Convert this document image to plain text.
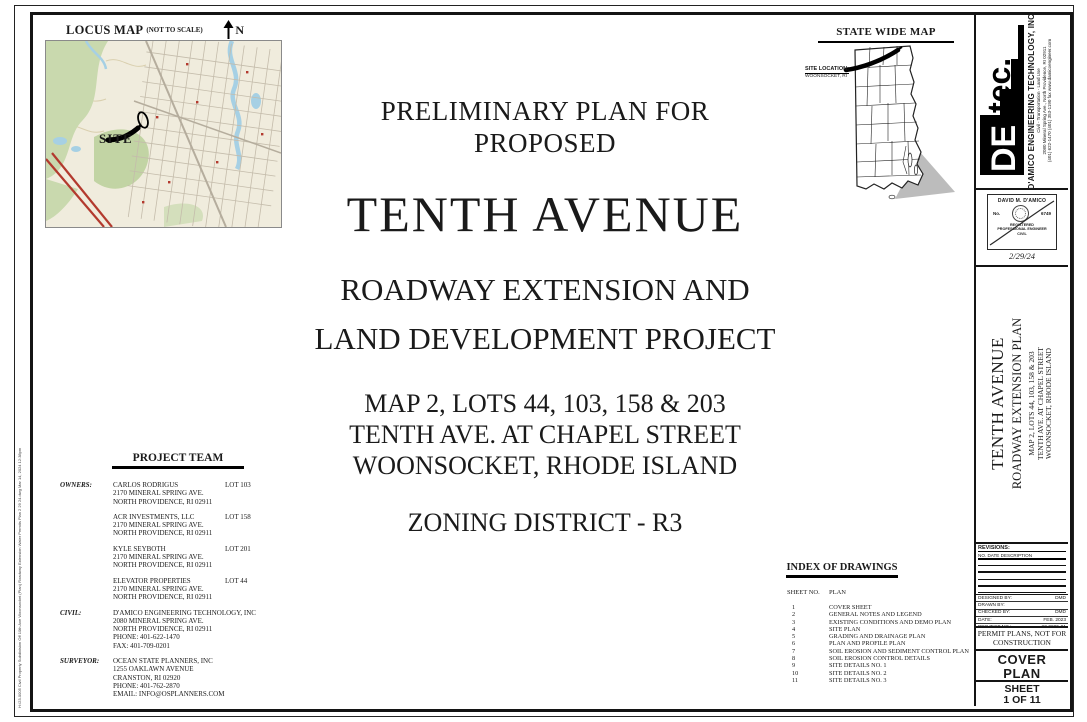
H:\23-0005 Civil Property Subdivision Off 10th Ave Woonsocket (Plan) Roadway Extension Water Permits Plan 2 29 24.dwg Mar 14, 2024 12:38pm
LOCUS MAP (NOT TO SCALE)	N
SITE
PRELIMINARY PLAN FOR
PROPOSED
TENTH AVENUE
ROADWAY EXTENSION AND
LAND DEVELOPMENT PROJECT
MAP 2, LOTS 44, 103, 158 & 203
TENTH AVE. AT CHAPEL STREET
WOONSOCKET, RHODE ISLAND
ZONING DISTRICT - R3
STATE WIDE MAP
SITE LOCATION:
WOONSOCKET, RI
PROJECT TEAM
OWNERS:	CARLOS RODRIGUS
2170 MINERAL SPRING AVE.
NORTH PROVIDENCE, RI 02911
LOT 103
ACR INVESTMENTS, LLC
2170 MINERAL SPRING AVE.
NORTH PROVIDENCE, RI 02911
LOT 158
KYLE SEYBOTH
2170 MINERAL SPRING AVE.
NORTH PROVIDENCE, RI 02911
LOT 201
ELEVATOR PROPERTIES
2170 MINERAL SPRING AVE.
NORTH PROVIDENCE, RI 02911
LOT 44
CIVIL:	D'AMICO ENGINEERING TECHNOLOGY, INC
2080 MINERAL SPRING AVE.
NORTH PROVIDENCE, RI 02911
PHONE: 401-622-1470
FAX: 401-709-0201
SURVEYOR:	OCEAN STATE PLANNERS, INC
1255 OAKLAWN AVENUE
CRANSTON, RI 02920
PHONE: 401-762-2870
EMAIL: INFO@OSPLANNERS.COM
INDEX OF DRAWINGS
SHEET NO.	PLAN
1	COVER SHEET
2	GENERAL NOTES AND LEGEND
3	EXISTING CONDITIONS AND DEMO PLAN
4	SITE PLAN
5	GRADING AND DRAINAGE PLAN
6	PLAN AND PROFILE PLAN
7	SOIL EROSION AND SEDIMENT CONTROL PLAN
8	SOIL EROSION CONTROL DETAILS
9	SITE DETAILS NO. 1
10	SITE DETAILS NO. 2
11	SITE DETAILS NO. 3
DE
tec. D'AMICO ENGINEERING TECHNOLOGY, INC. Civil - Transportation - Land Use 2080 Mineral Spring Ave., North Providence, RI 02911 (401) 622-1470 (401) 353-1190 fax www.damicoengineer.com
DAVID M. D'AMICO
No.	6749
REGISTERED
PROFESSIONAL ENGINEER
CIVIL
2/29/24
TENTH AVENUE ROADWAY EXTENSION PLAN MAP 2, LOTS 44, 103, 158 & 203 TENTH AVE. AT CHAPEL STREET WOONSOCKET, RHODE ISLAND
REVISIONS:
NO. DATE DESCRIPTION
DESIGNED BY:	DMD
DRAWN BY:
CHECKED BY:	DMD
DATE:	FEB. 2023
PROJECT NO.:	23-0005-01
PERMIT PLANS, NOT FOR
CONSTRUCTION
COVER
PLAN
SHEET
1 OF 11
